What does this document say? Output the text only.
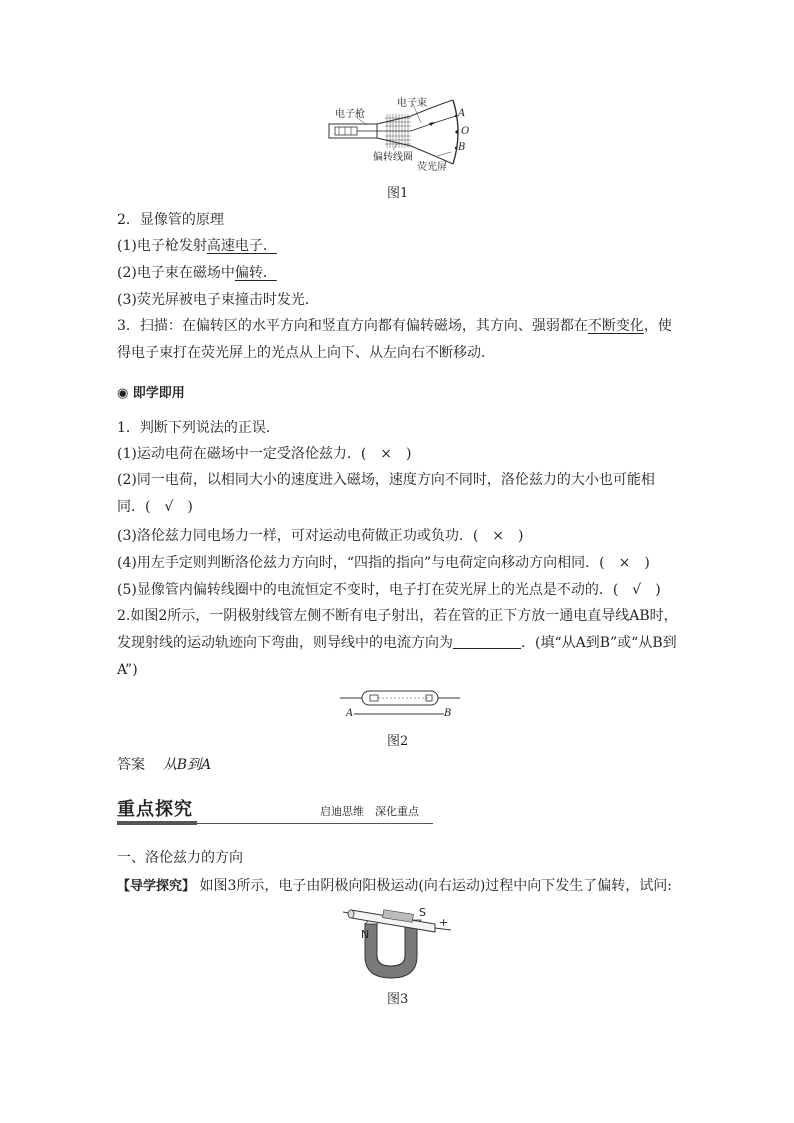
电子枪
电子束
偏转线圈
荧光屏
A
O
B
图1
2．显像管的原理
(1)电子枪发射高速电子．
(2)电子束在磁场中偏转．
(3)荧光屏被电子束撞击时发光．
3．扫描：在偏转区的水平方向和竖直方向都有偏转磁场，其方向、强弱都在不断变化，使得电子束打在荧光屏上的光点从上向下、从左向右不断移动．
◉ 即学即用
1．判断下列说法的正误．
(1)运动电荷在磁场中一定受洛伦兹力．(　×　)
(2)同一电荷，以相同大小的速度进入磁场，速度方向不同时，洛伦兹力的大小也可能相同．(　√　)
(3)洛伦兹力同电场力一样，可对运动电荷做正功或负功．(　×　)
(4)用左手定则判断洛伦兹力方向时，“四指的指向”与电荷定向移动方向相同．(　×　)
(5)显像管内偏转线圈中的电流恒定不变时，电子打在荧光屏上的光点是不动的．(　√　)
2.如图2所示，一阴极射线管左侧不断有电子射出，若在管的正下方放一通电直导线AB时，发现射线的运动轨迹向下弯曲，则导线中的电流方向为	．(填“从A到B”或“从B到A”)
A	B
图2
答案 从B到A
重点探究	启迪思维　深化重点
一、洛伦兹力的方向
【导学探究】 如图3所示，电子由阴极向阳极运动(向右运动)过程中向下发生了偏转，试问:
N
S
+
图3
